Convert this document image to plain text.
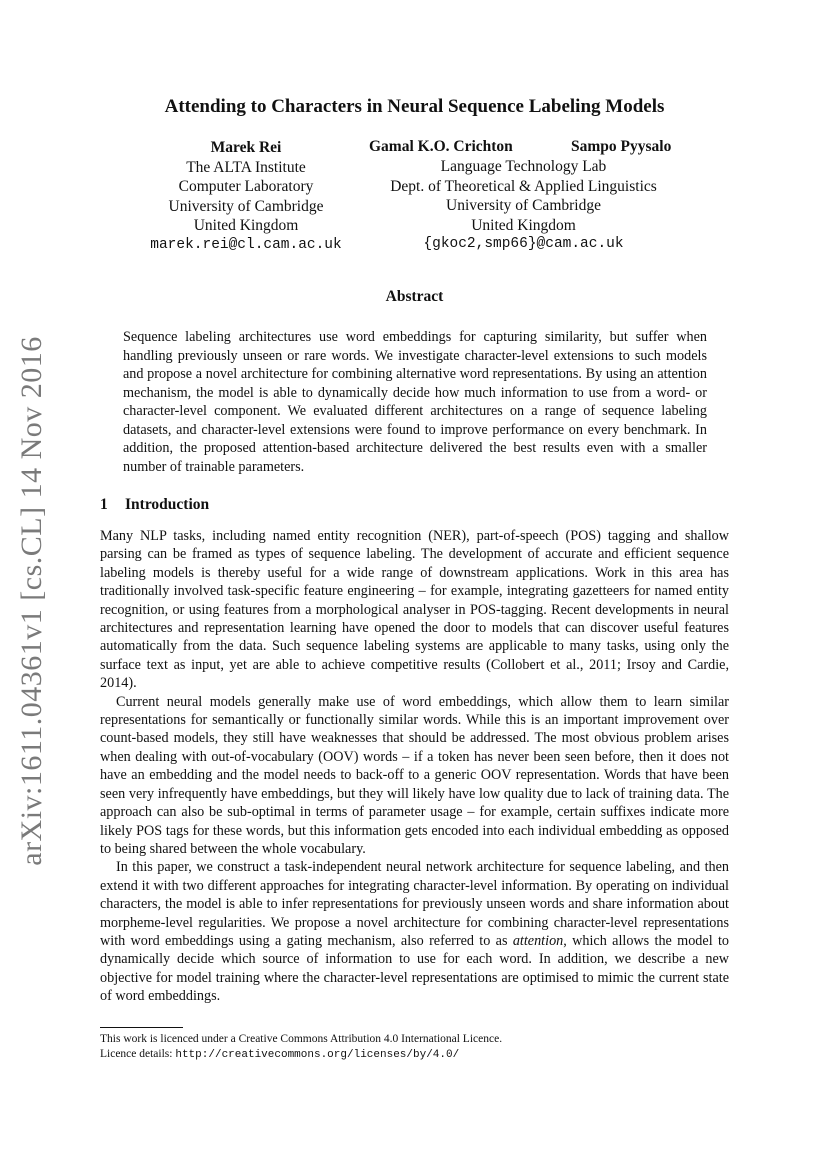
arXiv:1611.04361v1 [cs.CL] 14 Nov 2016
Attending to Characters in Neural Sequence Labeling Models
Marek Rei
The ALTA Institute
Computer Laboratory
University of Cambridge
United Kingdom
marek.rei@cl.cam.ac.uk
Gamal K.O. Crichton	Sampo Pyysalo
Language Technology Lab
Dept. of Theoretical & Applied Linguistics
University of Cambridge
United Kingdom
{gkoc2,smp66}@cam.ac.uk
Abstract

Sequence labeling architectures use word embeddings for capturing similarity, but suffer when handling previously unseen or rare words. We investigate character-level extensions to such models and propose a novel architecture for combining alternative word representations. By using an attention mechanism, the model is able to dynamically decide how much information to use from a word- or character-level component. We evaluated different architectures on a range of sequence labeling datasets, and character-level extensions were found to improve performance on every benchmark. In addition, the proposed attention-based architecture delivered the best results even with a smaller number of trainable parameters.

1 Introduction

Many NLP tasks, including named entity recognition (NER), part-of-speech (POS) tagging and shallow parsing can be framed as types of sequence labeling. The development of accurate and efficient sequence labeling models is thereby useful for a wide range of downstream applications. Work in this area has traditionally involved task-specific feature engineering – for example, integrating gazetteers for named entity recognition, or using features from a morphological analyser in POS-tagging. Recent developments in neural architectures and representation learning have opened the door to models that can discover useful features automatically from the data. Such sequence labeling systems are applicable to many tasks, using only the surface text as input, yet are able to achieve competitive results (Collobert et al., 2011; Irsoy and Cardie, 2014).

Current neural models generally make use of word embeddings, which allow them to learn similar representations for semantically or functionally similar words. While this is an important improvement over count-based models, they still have weaknesses that should be addressed. The most obvious problem arises when dealing with out-of-vocabulary (OOV) words – if a token has never been seen before, then it does not have an embedding and the model needs to back-off to a generic OOV representation. Words that have been seen very infrequently have embeddings, but they will likely have low quality due to lack of training data. The approach can also be sub-optimal in terms of parameter usage – for example, certain suffixes indicate more likely POS tags for these words, but this information gets encoded into each individual embedding as opposed to being shared between the whole vocabulary.

In this paper, we construct a task-independent neural network architecture for sequence labeling, and then extend it with two different approaches for integrating character-level information. By operating on individual characters, the model is able to infer representations for previously unseen words and share information about morpheme-level regularities. We propose a novel architecture for combining character-level representations with word embeddings using a gating mechanism, also referred to as attention, which allows the model to dynamically decide which source of information to use for each word. In addition, we describe a new objective for model training where the character-level representations are optimised to mimic the current state of word embeddings.

This work is licenced under a Creative Commons Attribution 4.0 International Licence.
Licence details: http://creativecommons.org/licenses/by/4.0/
